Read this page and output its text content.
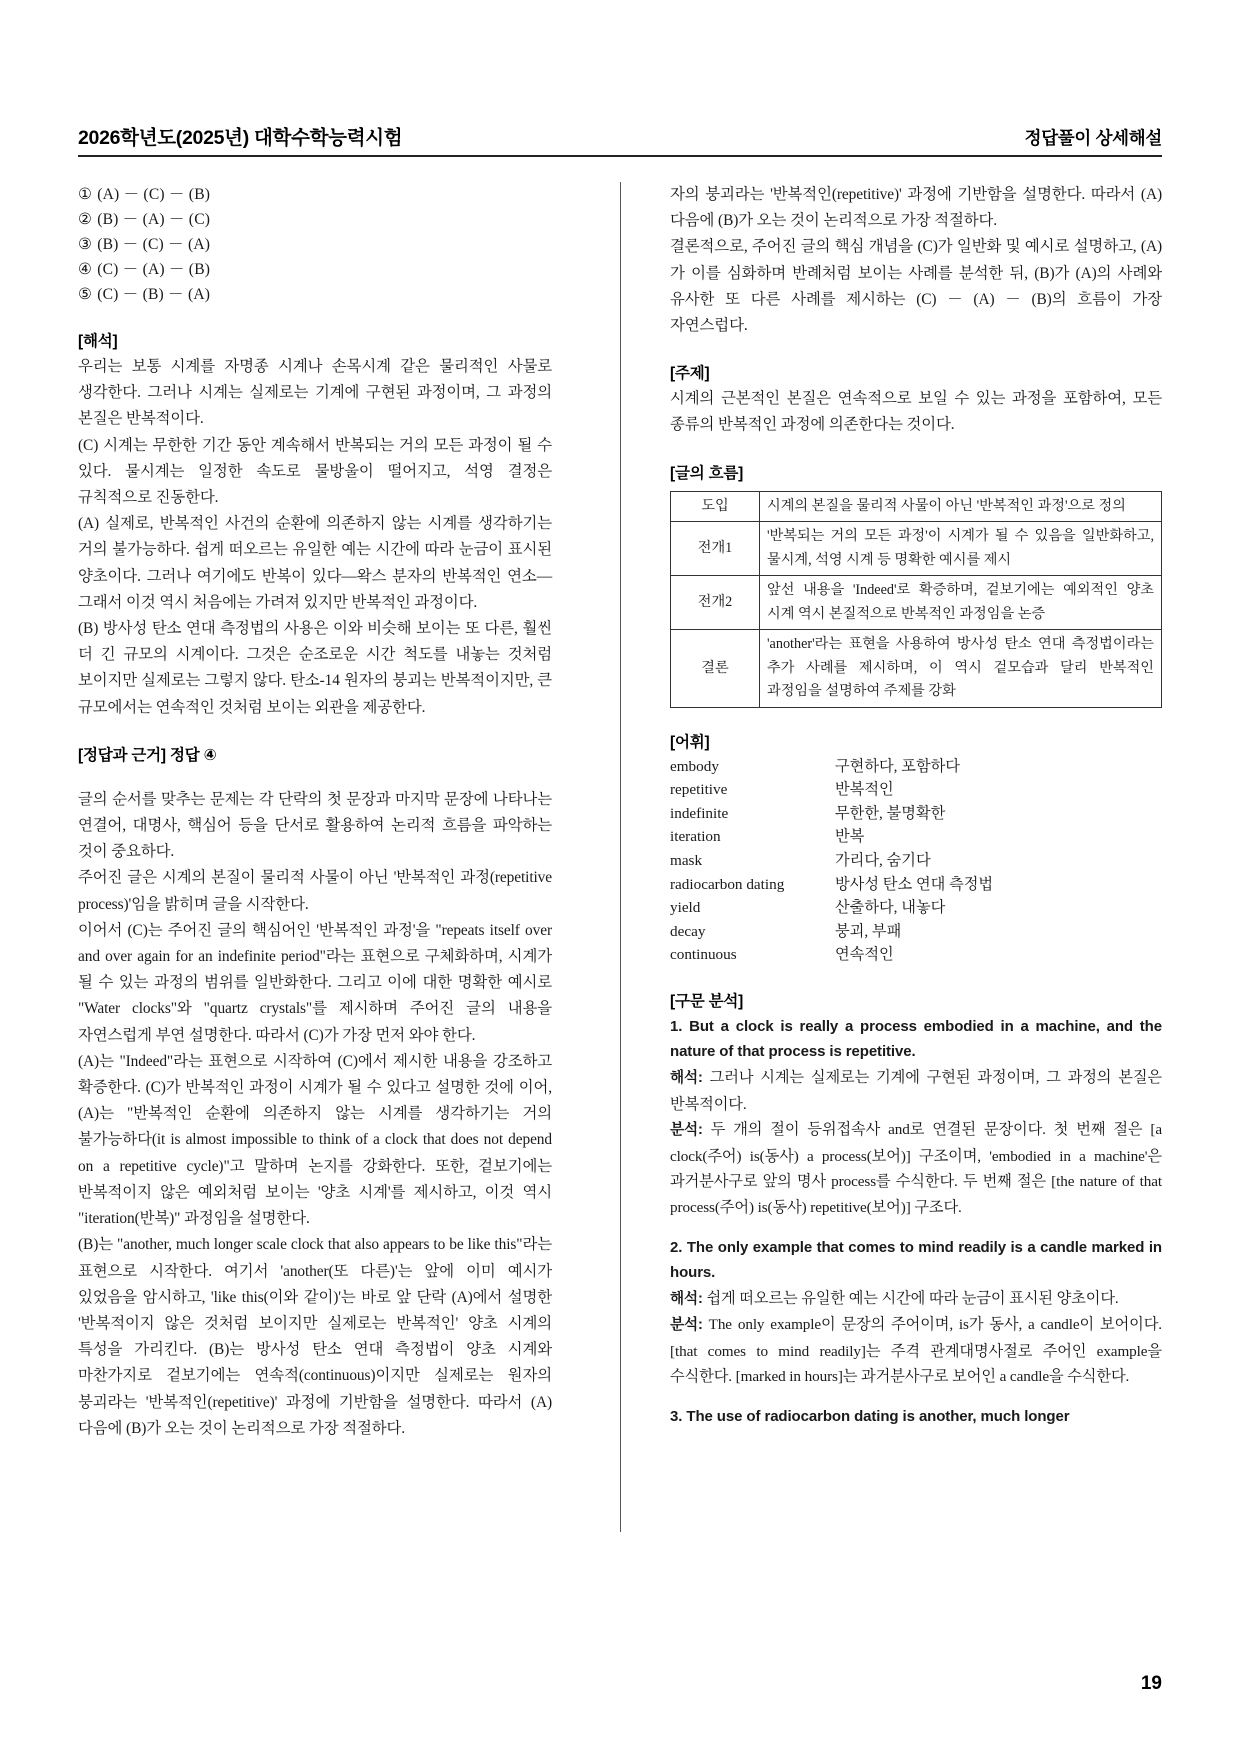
2026학년도(2025년) 대학수학능력시험	정답풀이 상세해설
① (A) － (C) － (B)
② (B) － (A) － (C)
③ (B) － (C) － (A)
④ (C) － (A) － (B)
⑤ (C) － (B) － (A)
[해석]

우리는 보통 시계를 자명종 시계나 손목시계 같은 물리적인 사물로 생각한다. 그러나 시계는 실제로는 기계에 구현된 과정이며, 그 과정의 본질은 반복적이다.

(C) 시계는 무한한 기간 동안 계속해서 반복되는 거의 모든 과정이 될 수 있다. 물시계는 일정한 속도로 물방울이 떨어지고, 석영 결정은 규칙적으로 진동한다.

(A) 실제로, 반복적인 사건의 순환에 의존하지 않는 시계를 생각하기는 거의 불가능하다. 쉽게 떠오르는 유일한 예는 시간에 따라 눈금이 표시된 양초이다. 그러나 여기에도 반복이 있다—왁스 분자의 반복적인 연소—그래서 이것 역시 처음에는 가려져 있지만 반복적인 과정이다.

(B) 방사성 탄소 연대 측정법의 사용은 이와 비슷해 보이는 또 다른, 훨씬 더 긴 규모의 시계이다. 그것은 순조로운 시간 척도를 내놓는 것처럼 보이지만 실제로는 그렇지 않다. 탄소-14 원자의 붕괴는 반복적이지만, 큰 규모에서는 연속적인 것처럼 보이는 외관을 제공한다.

[정답과 근거] 정답 ④

글의 순서를 맞추는 문제는 각 단락의 첫 문장과 마지막 문장에 나타나는 연결어, 대명사, 핵심어 등을 단서로 활용하여 논리적 흐름을 파악하는 것이 중요하다.

주어진 글은 시계의 본질이 물리적 사물이 아닌 '반복적인 과정(repetitive process)'임을 밝히며 글을 시작한다.

이어서 (C)는 주어진 글의 핵심어인 '반복적인 과정'을 "repeats itself over and over again for an indefinite period"라는 표현으로 구체화하며, 시계가 될 수 있는 과정의 범위를 일반화한다. 그리고 이에 대한 명확한 예시로 "Water clocks"와 "quartz crystals"를 제시하며 주어진 글의 내용을 자연스럽게 부연 설명한다. 따라서 (C)가 가장 먼저 와야 한다.

(A)는 "Indeed"라는 표현으로 시작하여 (C)에서 제시한 내용을 강조하고 확증한다. (C)가 반복적인 과정이 시계가 될 수 있다고 설명한 것에 이어, (A)는 "반복적인 순환에 의존하지 않는 시계를 생각하기는 거의 불가능하다(it is almost impossible to think of a clock that does not depend on a repetitive cycle)"고 말하며 논지를 강화한다. 또한, 겉보기에는 반복적이지 않은 예외처럼 보이는 '양초 시계'를 제시하고, 이것 역시 "iteration(반복)" 과정임을 설명한다.

(B)는 "another, much longer scale clock that also appears to be like this"라는 표현으로 시작한다. 여기서 'another(또 다른)'는 앞에 이미 예시가 있었음을 암시하고, 'like this(이와 같이)'는 바로 앞 단락 (A)에서 설명한 '반복적이지 않은 것처럼 보이지만 실제로는 반복적인' 양초 시계의 특성을 가리킨다. (B)는 방사성 탄소 연대 측정법이 양초 시계와 마찬가지로 겉보기에는 연속적(continuous)이지만 실제로는 원자의 붕괴라는 '반복적인(repetitive)' 과정에 기반함을 설명한다. 따라서 (A) 다음에 (B)가 오는 것이 논리적으로 가장 적절하다.

자의 붕괴라는 '반복적인(repetitive)' 과정에 기반함을 설명한다. 따라서 (A) 다음에 (B)가 오는 것이 논리적으로 가장 적절하다.

결론적으로, 주어진 글의 핵심 개념을 (C)가 일반화 및 예시로 설명하고, (A)가 이를 심화하며 반례처럼 보이는 사례를 분석한 뒤, (B)가 (A)의 사례와 유사한 또 다른 사례를 제시하는 (C) － (A) － (B)의 흐름이 가장 자연스럽다.

[주제]

시계의 근본적인 본질은 연속적으로 보일 수 있는 과정을 포함하여, 모든 종류의 반복적인 과정에 의존한다는 것이다.

[글의 흐름]
도입	시계의 본질을 물리적 사물이 아닌 '반복적인 과정'으로 정의
전개1	'반복되는 거의 모든 과정'이 시계가 될 수 있음을 일반화하고, 물시계, 석영 시계 등 명확한 예시를 제시
전개2	앞선 내용을 'Indeed'로 확증하며, 겉보기에는 예외적인 양초 시계 역시 본질적으로 반복적인 과정임을 논증
결론	'another'라는 표현을 사용하여 방사성 탄소 연대 측정법이라는 추가 사례를 제시하며, 이 역시 겉모습과 달리 반복적인 과정임을 설명하여 주제를 강화
[어휘]
embody	구현하다, 포함하다
repetitive	반복적인
indefinite	무한한, 불명확한
iteration	반복
mask	가리다, 숨기다
radiocarbon dating	방사성 탄소 연대 측정법
yield	산출하다, 내놓다
decay	붕괴, 부패
continuous	연속적인
[구문 분석]

1. But a clock is really a process embodied in a machine, and the nature of that process is repetitive.

해석: 그러나 시계는 실제로는 기계에 구현된 과정이며, 그 과정의 본질은 반복적이다.

분석: 두 개의 절이 등위접속사 and로 연결된 문장이다. 첫 번째 절은 [a clock(주어) is(동사) a process(보어)] 구조이며, 'embodied in a machine'은 과거분사구로 앞의 명사 process를 수식한다. 두 번째 절은 [the nature of that process(주어) is(동사) repetitive(보어)] 구조다.

2. The only example that comes to mind readily is a candle marked in hours.

해석: 쉽게 떠오르는 유일한 예는 시간에 따라 눈금이 표시된 양초이다.

분석: The only example이 문장의 주어이며, is가 동사, a candle이 보어이다. [that comes to mind readily]는 주격 관계대명사절로 주어인 example을 수식한다. [marked in hours]는 과거분사구로 보어인 a candle을 수식한다.

3. The use of radiocarbon dating is another, much longer

19
